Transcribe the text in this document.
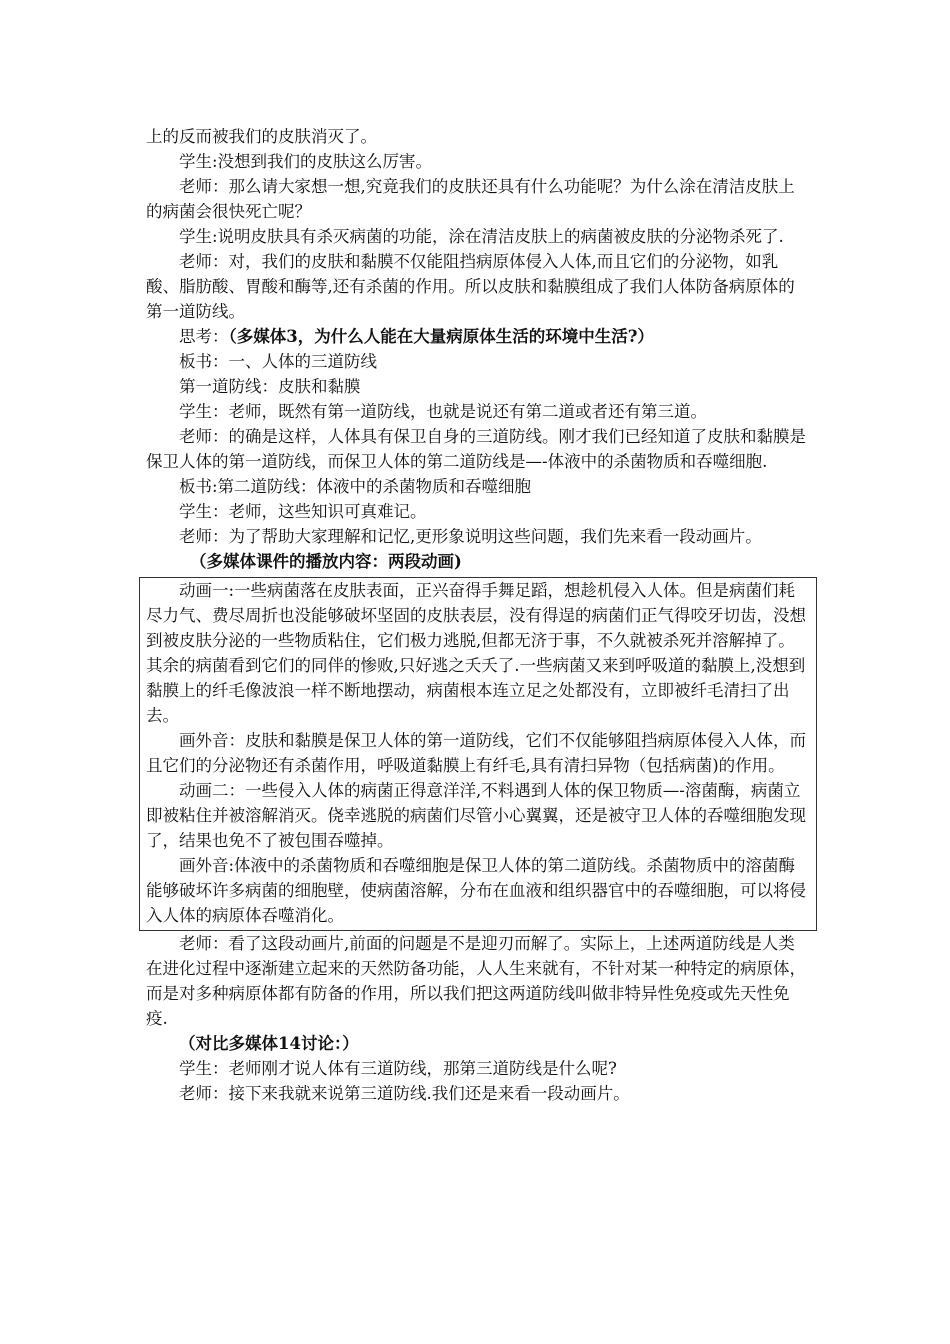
上的反而被我们的皮肤消灭了。

学生:没想到我们的皮肤这么厉害。

老师：那么请大家想一想,究竟我们的皮肤还具有什么功能呢？为什么涂在清洁皮肤上的病菌会很快死亡呢？

学生:说明皮肤具有杀灭病菌的功能，涂在清洁皮肤上的病菌被皮肤的分泌物杀死了.

老师：对，我们的皮肤和黏膜不仅能阻挡病原体侵入人体,而且它们的分泌物，如乳酸、脂肪酸、胃酸和酶等,还有杀菌的作用。所以皮肤和黏膜组成了我们人体防备病原体的第一道防线。

思考：（多媒体3，为什么人能在大量病原体生活的环境中生活?）

板书：一、人体的三道防线

第一道防线：皮肤和黏膜

学生：老师，既然有第一道防线，也就是说还有第二道或者还有第三道。

老师：的确是这样，人体具有保卫自身的三道防线。刚才我们已经知道了皮肤和黏膜是保卫人体的第一道防线，而保卫人体的第二道防线是—-体液中的杀菌物质和吞噬细胞.

板书:第二道防线：体液中的杀菌物质和吞噬细胞

学生：老师，这些知识可真难记。

老师：为了帮助大家理解和记忆,更形象说明这些问题，我们先来看一段动画片。

（多媒体课件的播放内容：两段动画)

动画一:一些病菌落在皮肤表面，正兴奋得手舞足蹈，想趁机侵入人体。但是病菌们耗尽力气、费尽周折也没能够破坏坚固的皮肤表层，没有得逞的病菌们正气得咬牙切齿，没想到被皮肤分泌的一些物质粘住，它们极力逃脱,但都无济于事，不久就被杀死并溶解掉了。其余的病菌看到它们的同伴的惨败,只好逃之夭夭了.一些病菌又来到呼吸道的黏膜上,没想到黏膜上的纤毛像波浪一样不断地摆动，病菌根本连立足之处都没有，立即被纤毛清扫了出去。

画外音：皮肤和黏膜是保卫人体的第一道防线，它们不仅能够阻挡病原体侵入人体，而且它们的分泌物还有杀菌作用，呼吸道黏膜上有纤毛,具有清扫异物（包括病菌)的作用。

动画二：一些侵入人体的病菌正得意洋洋,不料遇到人体的保卫物质—-溶菌酶，病菌立即被粘住并被溶解消灭。侥幸逃脱的病菌们尽管小心翼翼，还是被守卫人体的吞噬细胞发现了，结果也免不了被包围吞噬掉。

画外音:体液中的杀菌物质和吞噬细胞是保卫人体的第二道防线。杀菌物质中的溶菌酶能够破坏许多病菌的细胞壁，使病菌溶解，分布在血液和组织器官中的吞噬细胞，可以将侵入人体的病原体吞噬消化。

老师：看了这段动画片,前面的问题是不是迎刃而解了。实际上，上述两道防线是人类在进化过程中逐渐建立起来的天然防备功能，人人生来就有，不针对某一种特定的病原体，而是对多种病原体都有防备的作用，所以我们把这两道防线叫做非特异性免疫或先天性免疫.

（对比多媒体14讨论：）

学生：老师刚才说人体有三道防线，那第三道防线是什么呢?

老师：接下来我就来说第三道防线.我们还是来看一段动画片。
